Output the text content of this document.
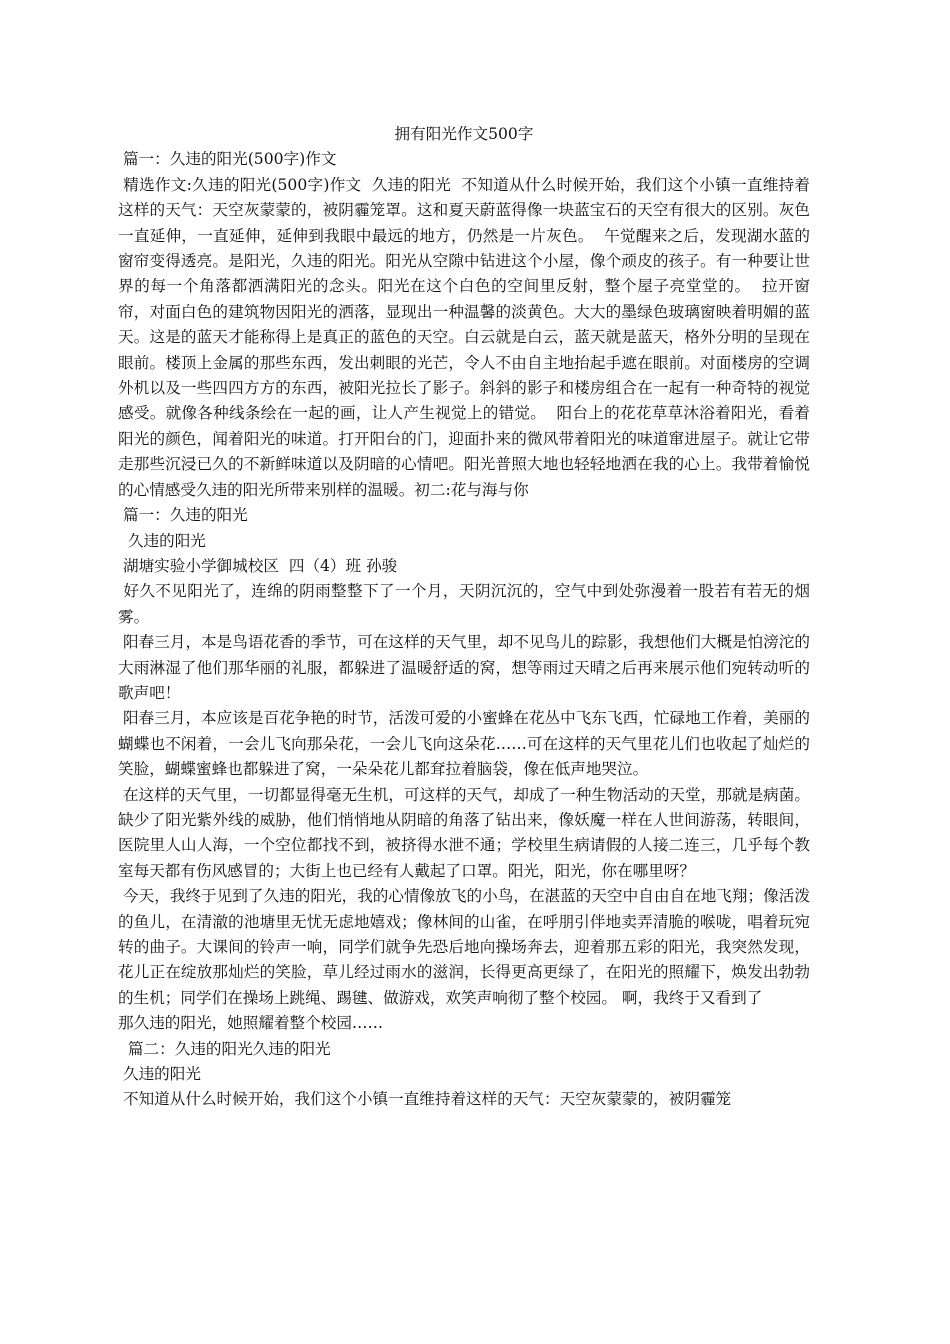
拥有阳光作文500字
篇一：久违的阳光(500字)作文
精选作文:久违的阳光(500字)作文  久违的阳光  不知道从什么时候开始，我们这个小镇一直维持着这样的天气：天空灰蒙蒙的，被阴霾笼罩。这和夏天蔚蓝得像一块蓝宝石的天空有很大的区别。灰色一直延伸，一直延伸，延伸到我眼中最远的地方，仍然是一片灰色。  午觉醒来之后，发现湖水蓝的窗帘变得透亮。是阳光，久违的阳光。阳光从空隙中钻进这个小屋，像个顽皮的孩子。有一种要让世界的每一个角落都洒满阳光的念头。阳光在这个白色的空间里反射，整个屋子亮堂堂的。  拉开窗帘，对面白色的建筑物因阳光的洒落，显现出一种温馨的淡黄色。大大的墨绿色玻璃窗映着明媚的蓝天。这是的蓝天才能称得上是真正的蓝色的天空。白云就是白云，蓝天就是蓝天，格外分明的呈现在眼前。楼顶上金属的那些东西，发出刺眼的光芒，令人不由自主地抬起手遮在眼前。对面楼房的空调外机以及一些四四方方的东西，被阳光拉长了影子。斜斜的影子和楼房组合在一起有一种奇特的视觉感受。就像各种线条绘在一起的画，让人产生视觉上的错觉。  阳台上的花花草草沐浴着阳光，看着阳光的颜色，闻着阳光的味道。打开阳台的门，迎面扑来的微风带着阳光的味道窜进屋子。就让它带走那些沉浸已久的不新鲜味道以及阴暗的心情吧。阳光普照大地也轻轻地洒在我的心上。我带着愉悦的心情感受久违的阳光所带来别样的温暖。初二:花与海与你
篇一：久违的阳光
久违的阳光
湖塘实验小学御城校区  四（4）班 孙骏
好久不见阳光了，连绵的阴雨整整下了一个月，天阴沉沉的，空气中到处弥漫着一股若有若无的烟雾。
阳春三月，本是鸟语花香的季节，可在这样的天气里，却不见鸟儿的踪影，我想他们大概是怕滂沱的大雨淋湿了他们那华丽的礼服，都躲进了温暖舒适的窝，想等雨过天晴之后再来展示他们宛转动听的歌声吧！
阳春三月，本应该是百花争艳的时节，活泼可爱的小蜜蜂在花丛中飞东飞西，忙碌地工作着，美丽的蝴蝶也不闲着，一会儿飞向那朵花，一会儿飞向这朵花……可在这样的天气里花儿们也收起了灿烂的笑脸，蝴蝶蜜蜂也都躲进了窝，一朵朵花儿都耷拉着脑袋，像在低声地哭泣。
在这样的天气里，一切都显得毫无生机，可这样的天气，却成了一种生物活动的天堂，那就是病菌。缺少了阳光紫外线的威胁，他们悄悄地从阴暗的角落了钻出来，像妖魔一样在人世间游荡，转眼间，医院里人山人海，一个空位都找不到，被挤得水泄不通；学校里生病请假的人接二连三，几乎每个教室每天都有伤风感冒的；大街上也已经有人戴起了口罩。阳光，阳光，你在哪里呀？
今天，我终于见到了久违的阳光，我的心情像放飞的小鸟，在湛蓝的天空中自由自在地飞翔；像活泼的鱼儿，在清澈的池塘里无忧无虑地嬉戏；像林间的山雀，在呼朋引伴地卖弄清脆的喉咙，唱着玩宛转的曲子。大课间的铃声一响，同学们就争先恐后地向操场奔去，迎着那五彩的阳光，我突然发现，花儿正在绽放那灿烂的笑脸，草儿经过雨水的滋润，长得更高更绿了，在阳光的照耀下，焕发出勃勃的生机；同学们在操场上跳绳、踢毽、做游戏，欢笑声响彻了整个校园。 啊，我终于又看到了
那久违的阳光，她照耀着整个校园……
篇二：久违的阳光久违的阳光
久违的阳光
不知道从什么时候开始，我们这个小镇一直维持着这样的天气：天空灰蒙蒙的，被阴霾笼
